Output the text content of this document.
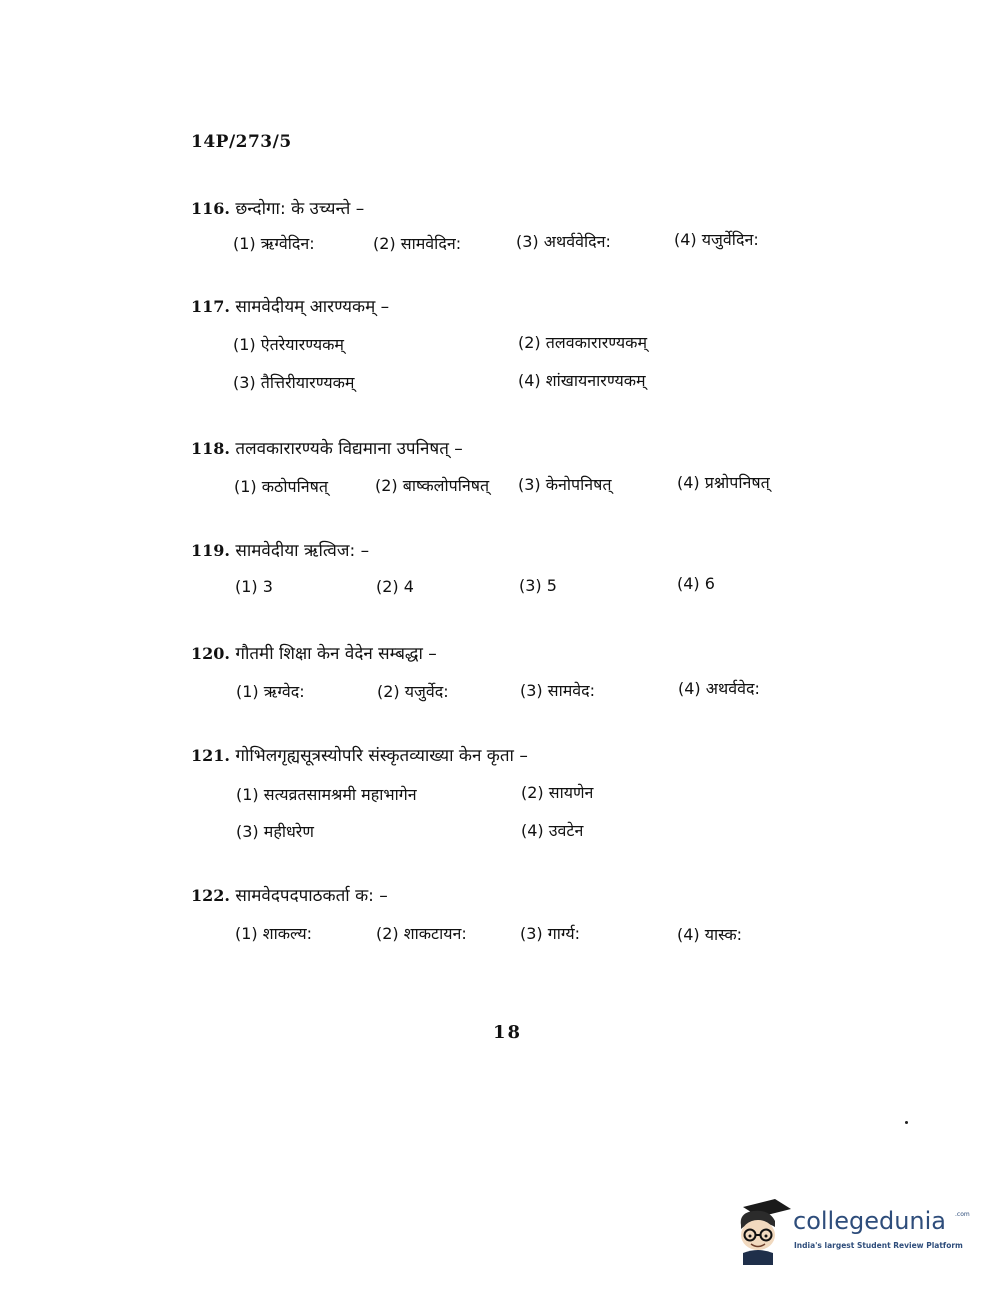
14P/273/5
116. छन्दोगा: के उच्यन्ते –
(1) ऋग्वेदिन:	(2) सामवेदिन:	(3) अथर्ववेदिन:	(4) यजुर्वेदिन:
117. सामवेदीयम् आरण्यकम् –
(1) ऐतरेयारण्यकम्	(2) तलवकारारण्यकम्
(3) तैत्तिरीयारण्यकम्	(4) शांखायनारण्यकम्
118. तलवकारारण्यके विद्यमाना उपनिषत् –
(1) कठोपनिषत्	(2) बाष्कलोपनिषत् (3) केनोपनिषत्	(4) प्रश्नोपनिषत्
119. सामवेदीया ऋत्विज: –
(1) 3	(2) 4	(3) 5	(4) 6
120. गौतमी शिक्षा केन वेदेन सम्बद्धा –
(1) ऋग्वेद:	(2) यजुर्वेद:	(3) सामवेद:	(4) अथर्ववेद:
121. गोभिलगृह्यसूत्रस्योपरि संस्कृतव्याख्या केन कृता –
(1) सत्यव्रतसामश्रमी महाभागेन	(2) सायणेन
(3) महीधरेण	(4) उवटेन
122. सामवेदपदपाठकर्ता क: –
(1) शाकल्य:	(2) शाकटायन:	(3) गार्ग्य:	(4) यास्क:
18
collegedunia .com
India's largest Student Review Platform
